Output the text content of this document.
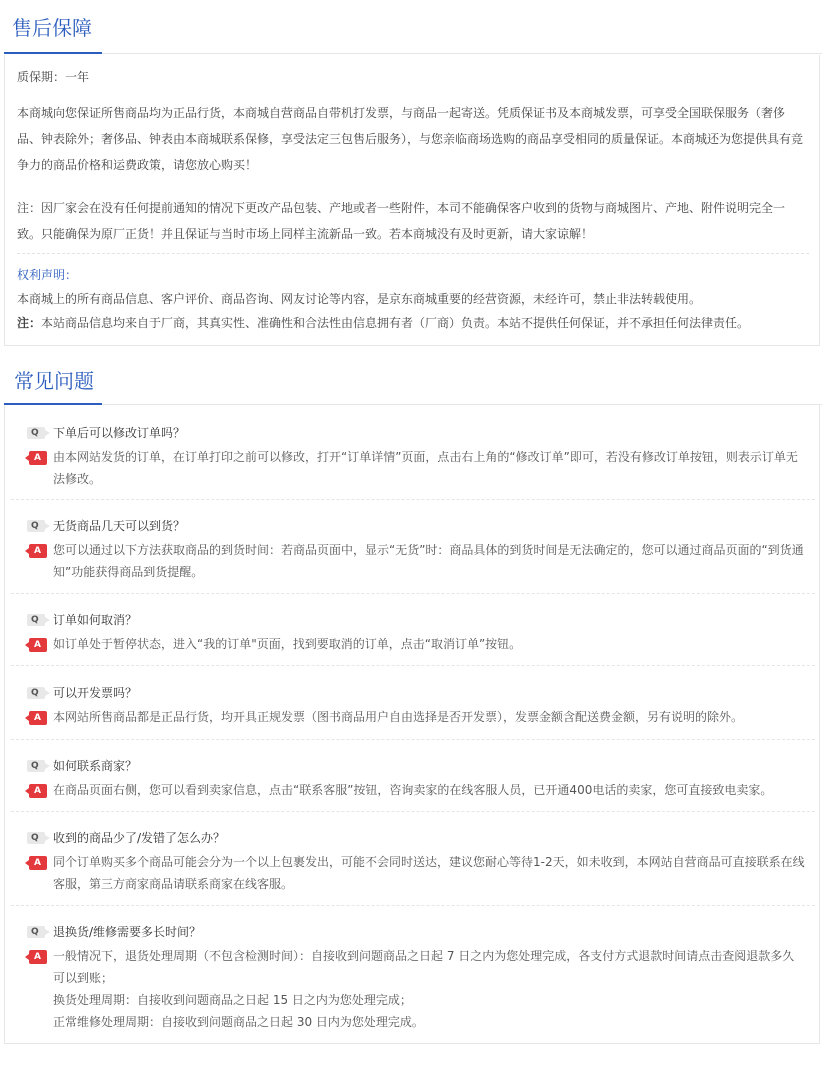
售后保障
质保期：一年
本商城向您保证所售商品均为正品行货，本商城自营商品自带机打发票，与商品一起寄送。凭质保证书及本商城发票，可享受全国联保服务（奢侈品、钟表除外；奢侈品、钟表由本商城联系保修，享受法定三包售后服务），与您亲临商场选购的商品享受相同的质量保证。本商城还为您提供具有竞争力的商品价格和运费政策，请您放心购买！
注：因厂家会在没有任何提前通知的情况下更改产品包装、产地或者一些附件，本司不能确保客户收到的货物与商城图片、产地、附件说明完全一致。只能确保为原厂正货！并且保证与当时市场上同样主流新品一致。若本商城没有及时更新，请大家谅解！
权利声明：
本商城上的所有商品信息、客户评价、商品咨询、网友讨论等内容，是京东商城重要的经营资源，未经许可，禁止非法转载使用。
注：本站商品信息均来自于厂商，其真实性、准确性和合法性由信息拥有者（厂商）负责。本站不提供任何保证，并不承担任何法律责任。
常见问题
Q 下单后可以修改订单吗？
A 由本网站发货的订单，在订单打印之前可以修改，打开“订单详情”页面，点击右上角的“修改订单”即可，若没有修改订单按钮，则表示订单无法修改。
Q 无货商品几天可以到货？
A 您可以通过以下方法获取商品的到货时间：若商品页面中，显示“无货”时：商品具体的到货时间是无法确定的，您可以通过商品页面的“到货通知”功能获得商品到货提醒。
Q 订单如何取消？
A 如订单处于暂停状态，进入“我的订单"页面，找到要取消的订单，点击“取消订单”按钮。
Q 可以开发票吗？
A 本网站所售商品都是正品行货，均开具正规发票（图书商品用户自由选择是否开发票），发票金额含配送费金额，另有说明的除外。
Q 如何联系商家？
A 在商品页面右侧，您可以看到卖家信息，点击“联系客服”按钮，咨询卖家的在线客服人员，已开通400电话的卖家，您可直接致电卖家。
Q 收到的商品少了/发错了怎么办？
A 同个订单购买多个商品可能会分为一个以上包裹发出，可能不会同时送达，建议您耐心等待1-2天，如未收到，本网站自营商品可直接联系在线客服，第三方商家商品请联系商家在线客服。
Q 退换货/维修需要多长时间？
A 一般情况下，退货处理周期（不包含检测时间）：自接收到问题商品之日起 7 日之内为您处理完成，各支付方式退款时间请点击查阅退款多久可以到账；
换货处理周期：自接收到问题商品之日起 15 日之内为您处理完成；
正常维修处理周期：自接收到问题商品之日起 30 日内为您处理完成。
